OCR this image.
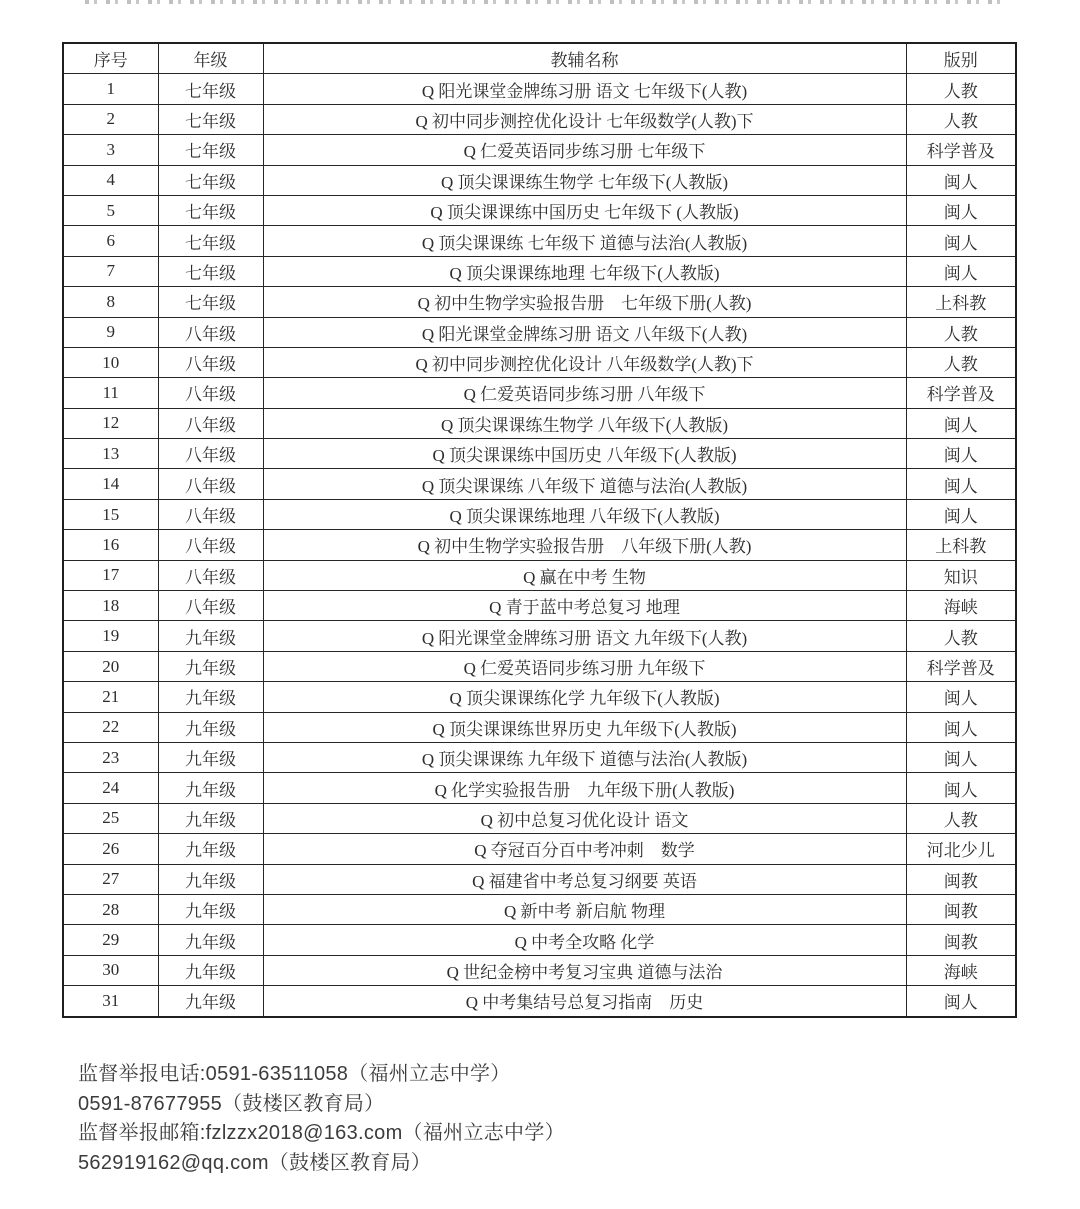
序号	年级	教辅名称	版别
1	七年级	Q 阳光课堂金牌练习册 语文 七年级下(人教)	人教
2	七年级	Q 初中同步测控优化设计 七年级数学(人教)下	人教
3	七年级	Q 仁爱英语同步练习册 七年级下	科学普及
4	七年级	Q 顶尖课课练生物学 七年级下(人教版)	闽人
5	七年级	Q 顶尖课课练中国历史 七年级下 (人教版)	闽人
6	七年级	Q 顶尖课课练 七年级下 道德与法治(人教版)	闽人
7	七年级	Q 顶尖课课练地理 七年级下(人教版)	闽人
8	七年级	Q 初中生物学实验报告册　七年级下册(人教)	上科教
9	八年级	Q 阳光课堂金牌练习册 语文 八年级下(人教)	人教
10	八年级	Q 初中同步测控优化设计 八年级数学(人教)下	人教
11	八年级	Q 仁爱英语同步练习册 八年级下	科学普及
12	八年级	Q 顶尖课课练生物学 八年级下(人教版)	闽人
13	八年级	Q 顶尖课课练中国历史 八年级下(人教版)	闽人
14	八年级	Q 顶尖课课练 八年级下 道德与法治(人教版)	闽人
15	八年级	Q 顶尖课课练地理 八年级下(人教版)	闽人
16	八年级	Q 初中生物学实验报告册　八年级下册(人教)	上科教
17	八年级	Q 赢在中考 生物	知识
18	八年级	Q 青于蓝中考总复习 地理	海峡
19	九年级	Q 阳光课堂金牌练习册 语文 九年级下(人教)	人教
20	九年级	Q 仁爱英语同步练习册 九年级下	科学普及
21	九年级	Q 顶尖课课练化学 九年级下(人教版)	闽人
22	九年级	Q 顶尖课课练世界历史 九年级下(人教版)	闽人
23	九年级	Q 顶尖课课练 九年级下 道德与法治(人教版)	闽人
24	九年级	Q 化学实验报告册　九年级下册(人教版)	闽人
25	九年级	Q 初中总复习优化设计 语文	人教
26	九年级	Q 夺冠百分百中考冲刺　数学	河北少儿
27	九年级	Q 福建省中考总复习纲要 英语	闽教
28	九年级	Q 新中考 新启航 物理	闽教
29	九年级	Q 中考全攻略 化学	闽教
30	九年级	Q 世纪金榜中考复习宝典 道德与法治	海峡
31	九年级	Q 中考集结号总复习指南　历史	闽人
监督举报电话:0591-63511058（福州立志中学）
0591-87677955（鼓楼区教育局）
监督举报邮箱:fzlzzx2018@163.com（福州立志中学）
562919162@qq.com（鼓楼区教育局）
